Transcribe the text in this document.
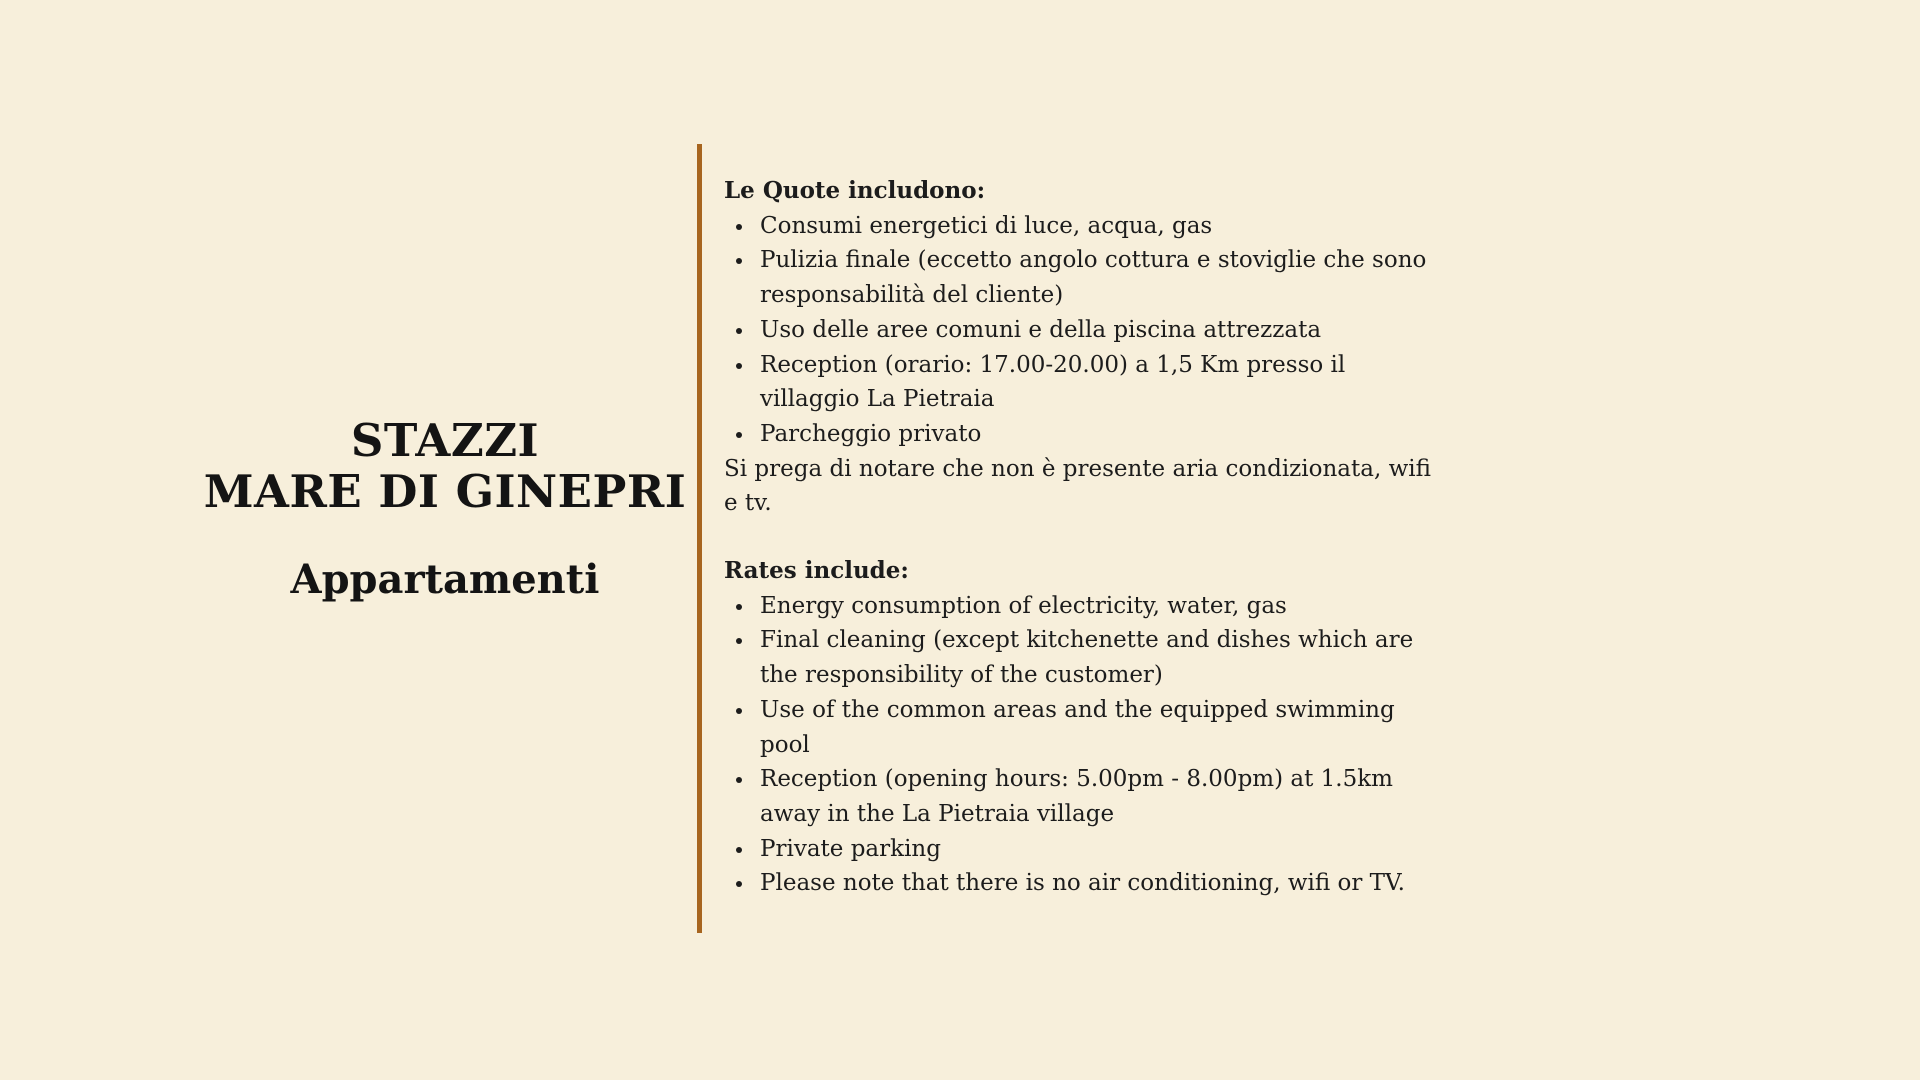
STAZZI
MARE DI GINEPRI
Appartamenti
Le Quote includono:
Consumi energetici di luce, acqua, gas
Pulizia finale (eccetto angolo cottura e stoviglie che sono responsabilità del cliente)
Uso delle aree comuni e della piscina attrezzata
Reception (orario: 17.00-20.00) a 1,5 Km presso il villaggio La Pietraia
Parcheggio privato

Si prega di notare che non è presente aria condizionata, wifi e tv.

Rates include:
Energy consumption of electricity, water, gas
Final cleaning (except kitchenette and dishes which are the responsibility of the customer)
Use of the common areas and the equipped swimming pool
Reception (opening hours: 5.00pm - 8.00pm) at 1.5km away in the La Pietraia village
Private parking
Please note that there is no air conditioning, wifi or TV.
